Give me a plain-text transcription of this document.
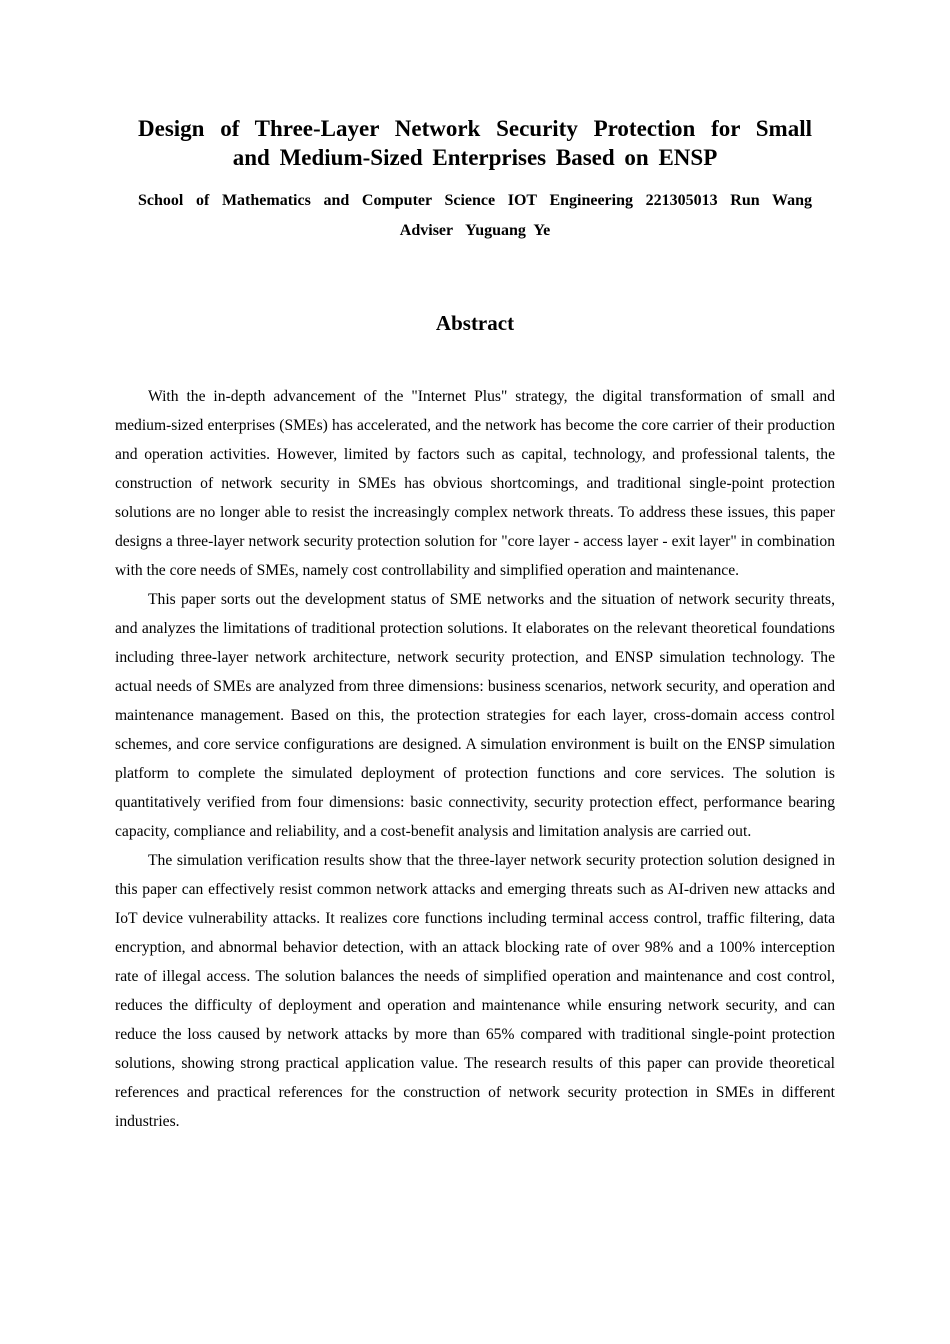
Design of Three-Layer Network Security Protection for Small
and Medium-Sized Enterprises Based on ENSP
School of Mathematics and Computer Science IOT Engineering 221305013 Run Wang
Adviser Yuguang Ye
Abstract

With the in-depth advancement of the "Internet Plus" strategy, the digital transformation of small and medium-sized enterprises (SMEs) has accelerated, and the network has become the core carrier of their production and operation activities. However, limited by factors such as capital, technology, and professional talents, the construction of network security in SMEs has obvious shortcomings, and traditional single-point protection solutions are no longer able to resist the increasingly complex network threats. To address these issues, this paper designs a three-layer network security protection solution for "core layer - access layer - exit layer" in combination with the core needs of SMEs, namely cost controllability and simplified operation and maintenance.

This paper sorts out the development status of SME networks and the situation of network security threats, and analyzes the limitations of traditional protection solutions. It elaborates on the relevant theoretical foundations including three-layer network architecture, network security protection, and ENSP simulation technology. The actual needs of SMEs are analyzed from three dimensions: business scenarios, network security, and operation and maintenance management. Based on this, the protection strategies for each layer, cross-domain access control schemes, and core service configurations are designed. A simulation environment is built on the ENSP simulation platform to complete the simulated deployment of protection functions and core services. The solution is quantitatively verified from four dimensions: basic connectivity, security protection effect, performance bearing capacity, compliance and reliability, and a cost-benefit analysis and limitation analysis are carried out.

The simulation verification results show that the three-layer network security protection solution designed in this paper can effectively resist common network attacks and emerging threats such as AI-driven new attacks and IoT device vulnerability attacks. It realizes core functions including terminal access control, traffic filtering, data encryption, and abnormal behavior detection, with an attack blocking rate of over 98% and a 100% interception rate of illegal access. The solution balances the needs of simplified operation and maintenance and cost control, reduces the difficulty of deployment and operation and maintenance while ensuring network security, and can reduce the loss caused by network attacks by more than 65% compared with traditional single-point protection solutions, showing strong practical application value. The research results of this paper can provide theoretical references and practical references for the construction of network security protection in SMEs in different industries.
